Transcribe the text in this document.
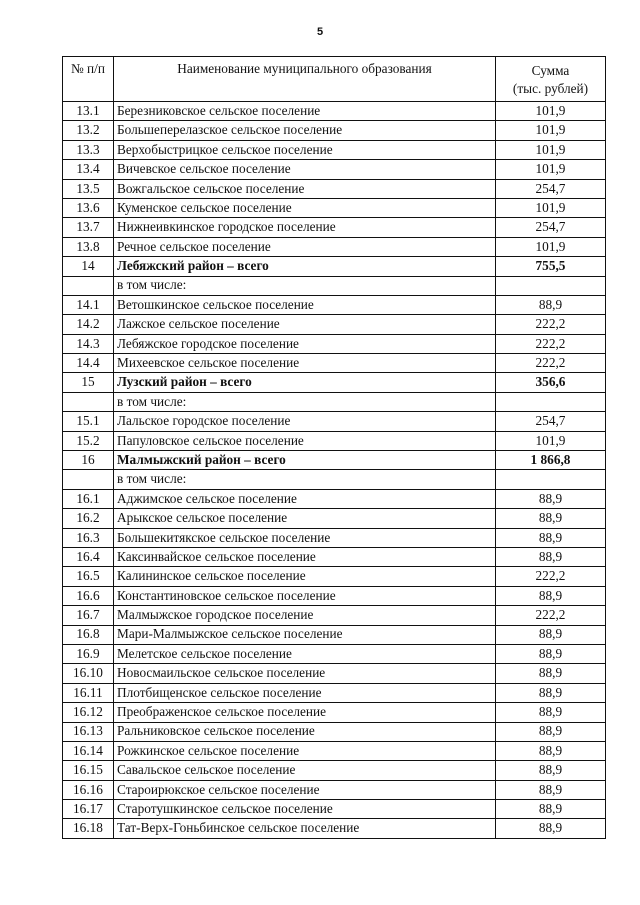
5
№ п/п	Наименование муниципального образования	Сумма
(тыс. рублей)

13.1	Березниковское сельское поселение	101,9
13.2	Большеперелазское сельское поселение	101,9
13.3	Верхобыстрицкое сельское поселение	101,9
13.4	Вичевское сельское поселение	101,9
13.5	Вожгальское сельское поселение	254,7
13.6	Куменское сельское поселение	101,9
13.7	Нижнеивкинское городское поселение	254,7
13.8	Речное сельское поселение	101,9
14	Лебяжский район – всего	755,5
	в том числе:	
14.1	Ветошкинское сельское поселение	88,9
14.2	Лажское сельское поселение	222,2
14.3	Лебяжское городское поселение	222,2
14.4	Михеевское сельское поселение	222,2
15	Лузский район – всего	356,6
	в том числе:	
15.1	Лальское городское поселение	254,7
15.2	Папуловское сельское поселение	101,9
16	Малмыжский район – всего	1 866,8
	в том числе:	
16.1	Аджимское сельское поселение	88,9
16.2	Арыкское сельское поселение	88,9
16.3	Большекитякское сельское поселение	88,9
16.4	Каксинвайское сельское поселение	88,9
16.5	Калининское сельское поселение	222,2
16.6	Константиновское сельское поселение	88,9
16.7	Малмыжское городское поселение	222,2
16.8	Мари-Малмыжское сельское поселение	88,9
16.9	Мелетское сельское поселение	88,9
16.10	Новосмаильское сельское поселение	88,9
16.11	Плотбищенское сельское поселение	88,9
16.12	Преображенское сельское поселение	88,9
16.13	Ральниковское сельское поселение	88,9
16.14	Рожкинское сельское поселение	88,9
16.15	Савальское сельское поселение	88,9
16.16	Староирюкское сельское поселение	88,9
16.17	Старотушкинское сельское поселение	88,9
16.18	Тат-Верх-Гоньбинское сельское поселение	88,9
